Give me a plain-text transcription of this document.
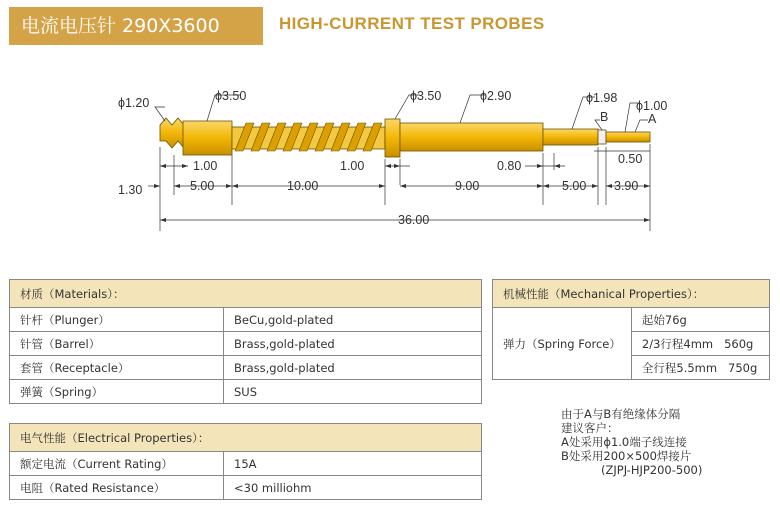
电流电压针 290X3600	HIGH-CURRENT TEST PROBES
ϕ1.20	ϕ3.50	ϕ3.50	ϕ2.90	ϕ1.98
ϕ1.00
B	A
1.00
5.00	10.00
1.00
9.00
0.80
5.00 3.90
0.50
1.30
36.00
材质（Materials）：	
针杆（Plunger）	BeCu,gold-plated
针管（Barrel）	Brass,gold-plated
套管（Receptacle）	Brass,gold-plated
弹簧（Spring）	SUS
电气性能（Electrical Properties）：	
额定电流（Current Rating）	15A
电阻（Rated Resistance）	<30 milliohm
机械性能（Mechanical Properties）：
弹力（Spring Force）	起始76g
2/3行程4mm   560g
全行程5.5mm   750g
由于A与B有绝缘体分隔
建议客户：
A处采用ϕ1.0端子线连接
B处采用200×500焊接片
(ZJPJ-HJP200-500)
